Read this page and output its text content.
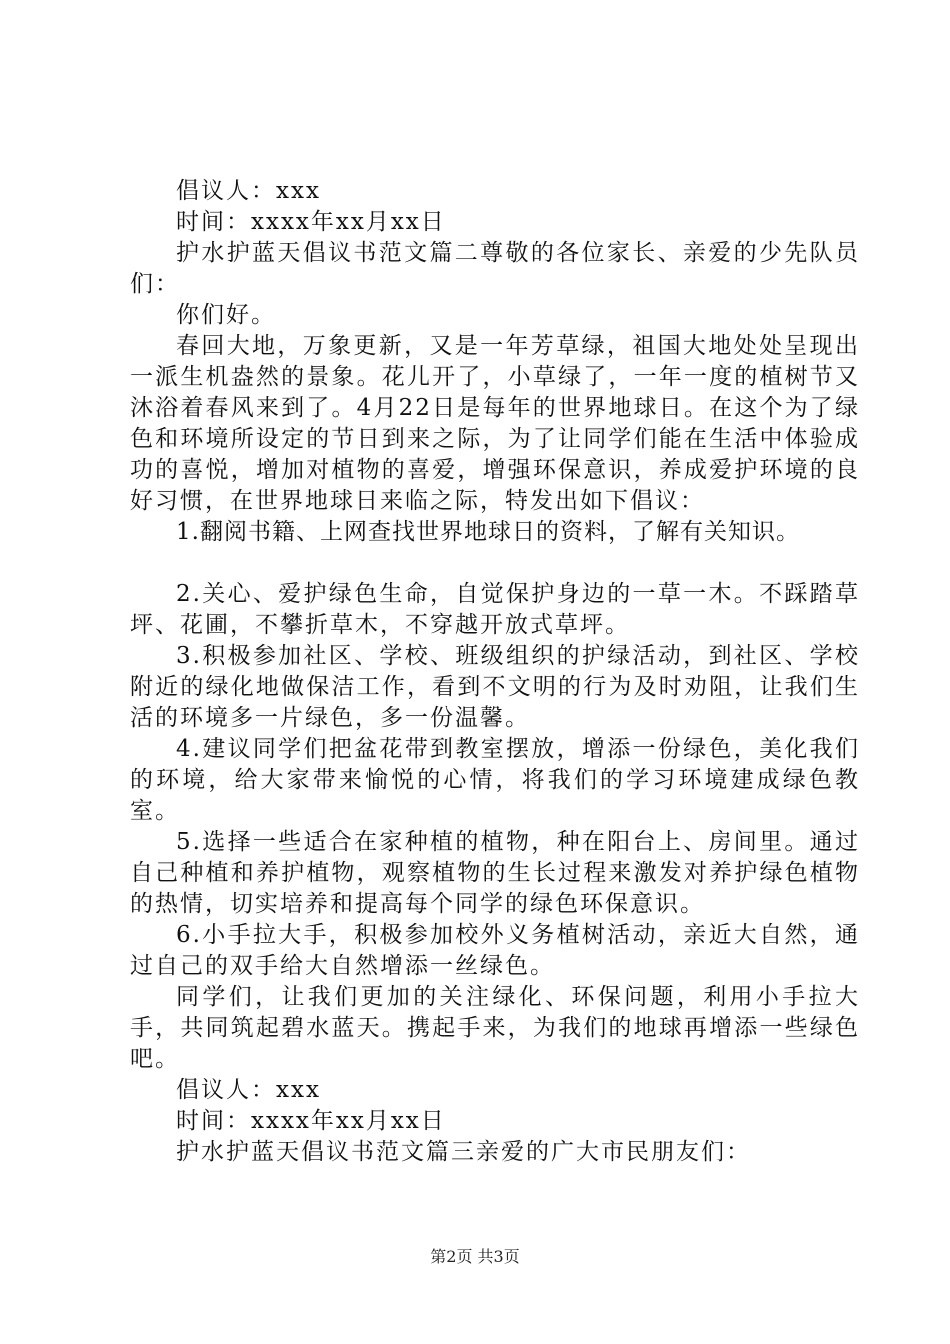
倡议人：xxx

时间：xxxx年xx月xx日

护水护蓝天倡议书范文篇二尊敬的各位家长、亲爱的少先队员们：

你们好。

春回大地，万象更新，又是一年芳草绿，祖国大地处处呈现出一派生机盎然的景象。花儿开了，小草绿了，一年一度的植树节又沐浴着春风来到了。4月22日是每年的世界地球日。在这个为了绿色和环境所设定的节日到来之际，为了让同学们能在生活中体验成功的喜悦，增加对植物的喜爱，增强环保意识，养成爱护环境的良好习惯，在世界地球日来临之际，特发出如下倡议：

1.翻阅书籍、上网查找世界地球日的资料，了解有关知识。

2.关心、爱护绿色生命，自觉保护身边的一草一木。不踩踏草坪、花圃，不攀折草木，不穿越开放式草坪。

3.积极参加社区、学校、班级组织的护绿活动，到社区、学校附近的绿化地做保洁工作，看到不文明的行为及时劝阻，让我们生活的环境多一片绿色，多一份温馨。

4.建议同学们把盆花带到教室摆放，增添一份绿色，美化我们的环境，给大家带来愉悦的心情，将我们的学习环境建成绿色教室。

5.选择一些适合在家种植的植物，种在阳台上、房间里。通过自己种植和养护植物，观察植物的生长过程来激发对养护绿色植物的热情，切实培养和提高每个同学的绿色环保意识。

6.小手拉大手，积极参加校外义务植树活动，亲近大自然，通过自己的双手给大自然增添一丝绿色。

同学们，让我们更加的关注绿化、环保问题，利用小手拉大手，共同筑起碧水蓝天。携起手来，为我们的地球再增添一些绿色吧。

倡议人：xxx

时间：xxxx年xx月xx日

护水护蓝天倡议书范文篇三亲爱的广大市民朋友们：

第2页 共3页
